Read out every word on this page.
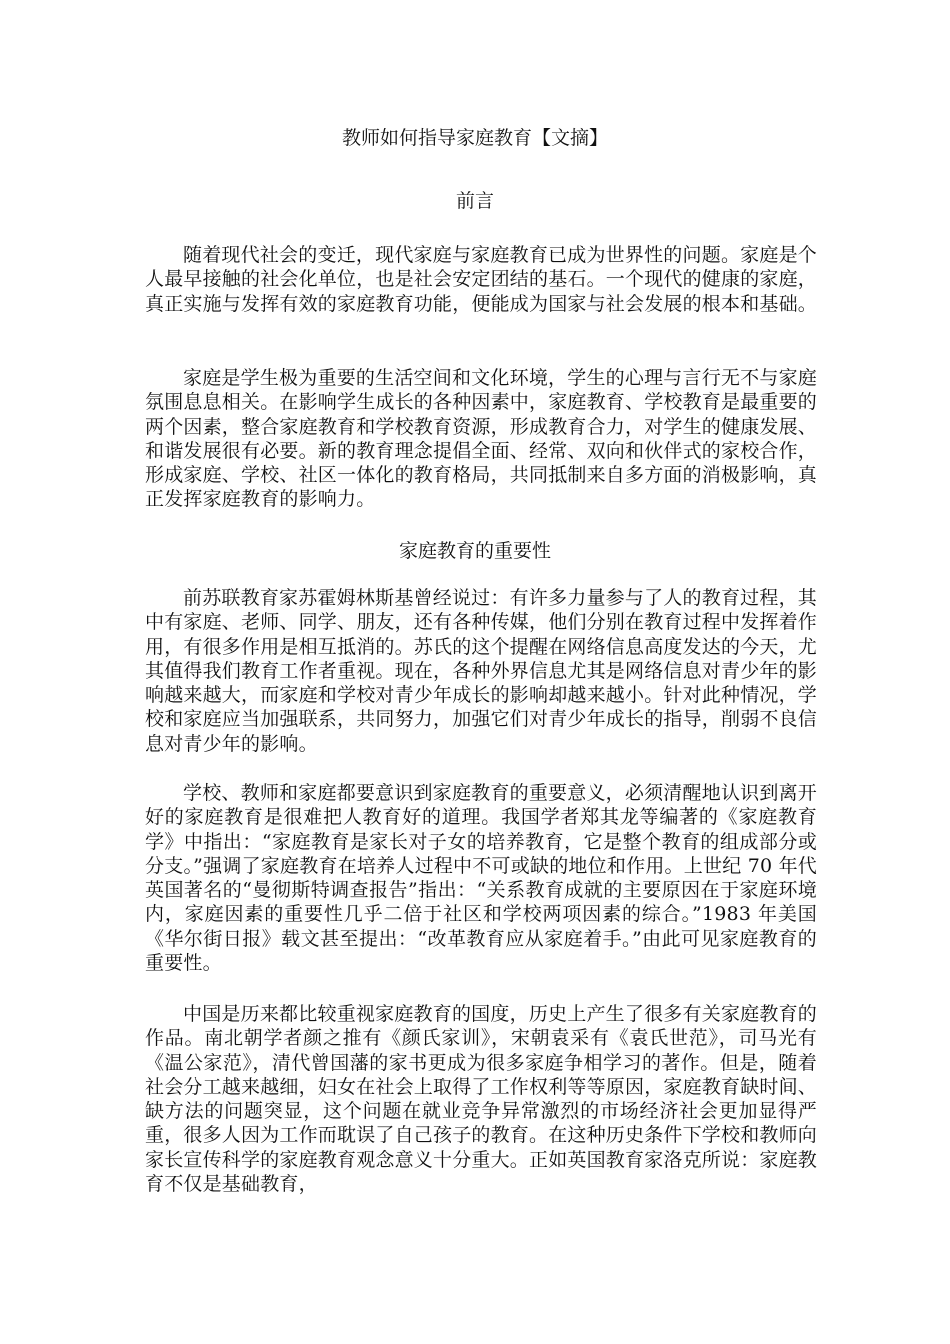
教师如何指导家庭教育【文摘】
前言

随着现代社会的变迁，现代家庭与家庭教育已成为世界性的问题。家庭是个人最早接触的社会化单位，也是社会安定团结的基石。一个现代的健康的家庭，真正实施与发挥有效的家庭教育功能，便能成为国家与社会发展的根本和基础。

家庭是学生极为重要的生活空间和文化环境，学生的心理与言行无不与家庭氛围息息相关。在影响学生成长的各种因素中，家庭教育、学校教育是最重要的两个因素，整合家庭教育和学校教育资源，形成教育合力，对学生的健康发展、和谐发展很有必要。新的教育理念提倡全面、经常、双向和伙伴式的家校合作，形成家庭、学校、社区一体化的教育格局，共同抵制来自多方面的消极影响，真正发挥家庭教育的影响力。

家庭教育的重要性

前苏联教育家苏霍姆林斯基曾经说过：有许多力量参与了人的教育过程，其中有家庭、老师、同学、朋友，还有各种传媒，他们分别在教育过程中发挥着作用，有很多作用是相互抵消的。苏氏的这个提醒在网络信息高度发达的今天，尤其值得我们教育工作者重视。现在，各种外界信息尤其是网络信息对青少年的影响越来越大，而家庭和学校对青少年成长的影响却越来越小。针对此种情况，学校和家庭应当加强联系，共同努力，加强它们对青少年成长的指导，削弱不良信息对青少年的影响。

学校、教师和家庭都要意识到家庭教育的重要意义，必须清醒地认识到离开好的家庭教育是很难把人教育好的道理。我国学者郑其龙等编著的《家庭教育学》中指出：“家庭教育是家长对子女的培养教育，它是整个教育的组成部分或分支。”强调了家庭教育在培养人过程中不可或缺的地位和作用。上世纪 70 年代英国著名的“曼彻斯特调查报告”指出：“关系教育成就的主要原因在于家庭环境内，家庭因素的重要性几乎二倍于社区和学校两项因素的综合。”1983 年美国《华尔街日报》载文甚至提出：“改革教育应从家庭着手。”由此可见家庭教育的重要性。

中国是历来都比较重视家庭教育的国度，历史上产生了很多有关家庭教育的作品。南北朝学者颜之推有《颜氏家训》，宋朝袁采有《袁氏世范》，司马光有《温公家范》，清代曾国藩的家书更成为很多家庭争相学习的著作。但是，随着社会分工越来越细，妇女在社会上取得了工作权利等等原因，家庭教育缺时间、缺方法的问题突显，这个问题在就业竞争异常激烈的市场经济社会更加显得严重，很多人因为工作而耽误了自己孩子的教育。在这种历史条件下学校和教师向家长宣传科学的家庭教育观念意义十分重大。正如英国教育家洛克所说：家庭教育不仅是基础教育，
